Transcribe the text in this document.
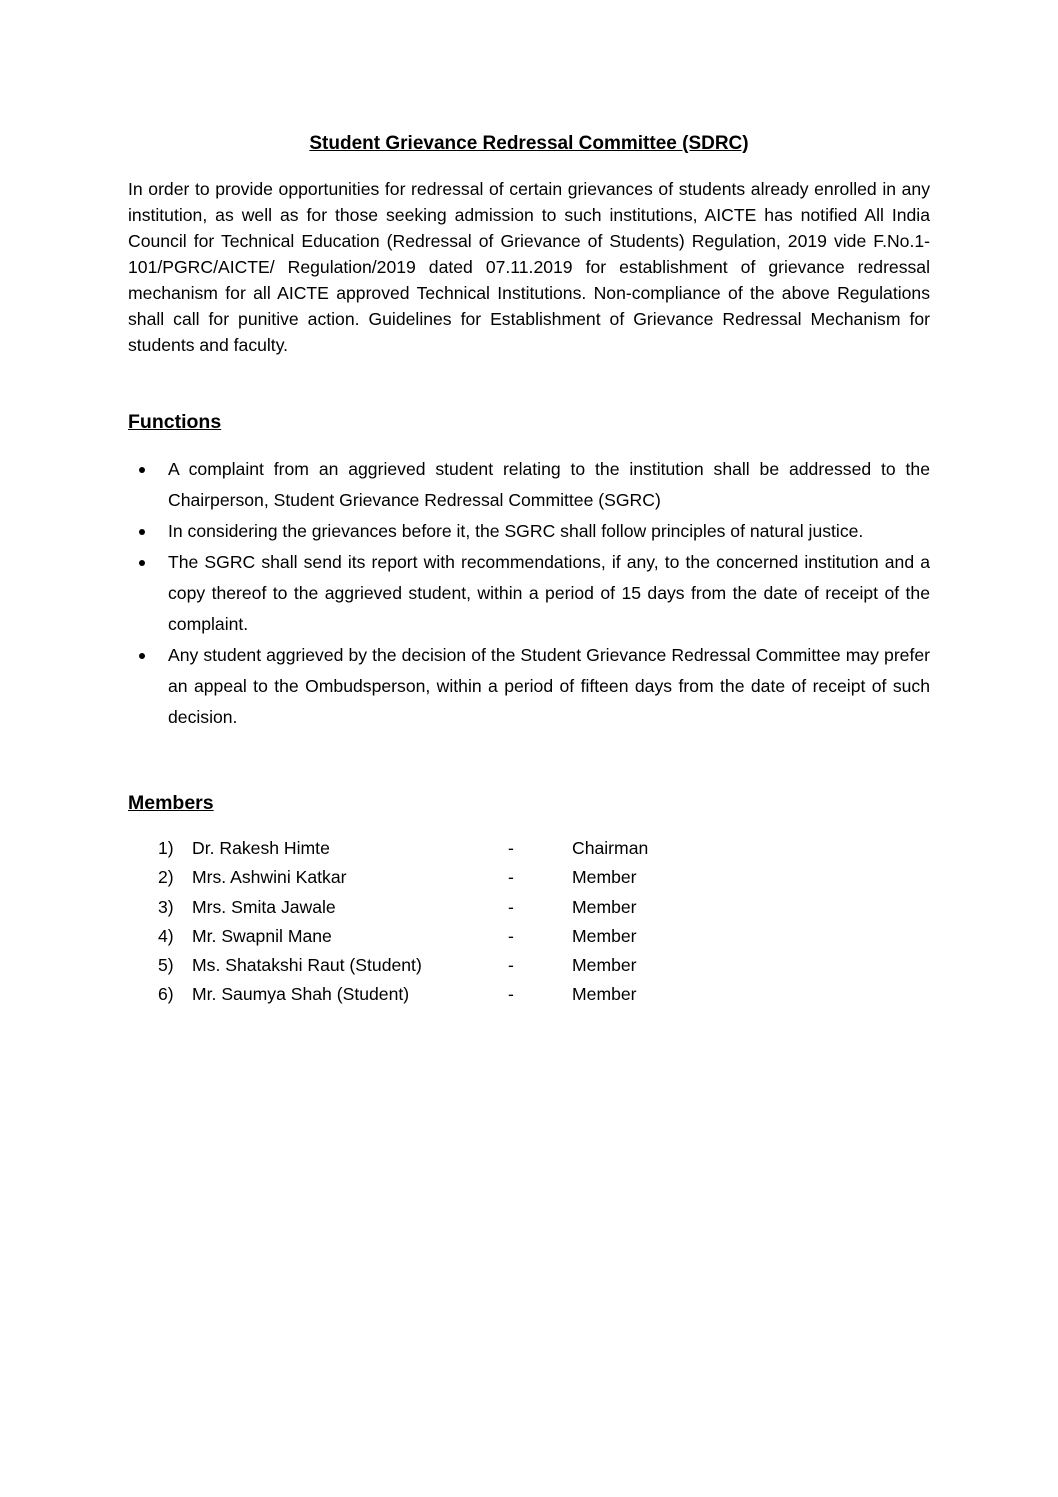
Student Grievance Redressal Committee (SDRC)

In order to provide opportunities for redressal of certain grievances of students already enrolled in any institution, as well as for those seeking admission to such institutions, AICTE has notified All India Council for Technical Education (Redressal of Grievance of Students) Regulation, 2019 vide F.No.1- 101/PGRC/AICTE/ Regulation/2019 dated 07.11.2019 for establishment of grievance redressal mechanism for all AICTE approved Technical Institutions. Non-compliance of the above Regulations shall call for punitive action. Guidelines for Establishment of Grievance Redressal Mechanism for students and faculty.

Functions
A complaint from an aggrieved student relating to the institution shall be addressed to the Chairperson, Student Grievance Redressal Committee (SGRC)
In considering the grievances before it, the SGRC shall follow principles of natural justice.
The SGRC shall send its report with recommendations, if any, to the concerned institution and a copy thereof to the aggrieved student, within a period of 15 days from the date of receipt of the complaint.
Any student aggrieved by the decision of the Student Grievance Redressal Committee may prefer an appeal to the Ombudsperson, within a period of fifteen days from the date of receipt of such decision.
Members
1)	Dr. Rakesh Himte	-	Chairman
2)	Mrs. Ashwini Katkar	-	Member
3)	Mrs. Smita Jawale	-	Member
4)	Mr. Swapnil Mane	-	Member
5)	Ms. Shatakshi Raut (Student)	-	Member
6)	Mr. Saumya Shah (Student)	-	Member
